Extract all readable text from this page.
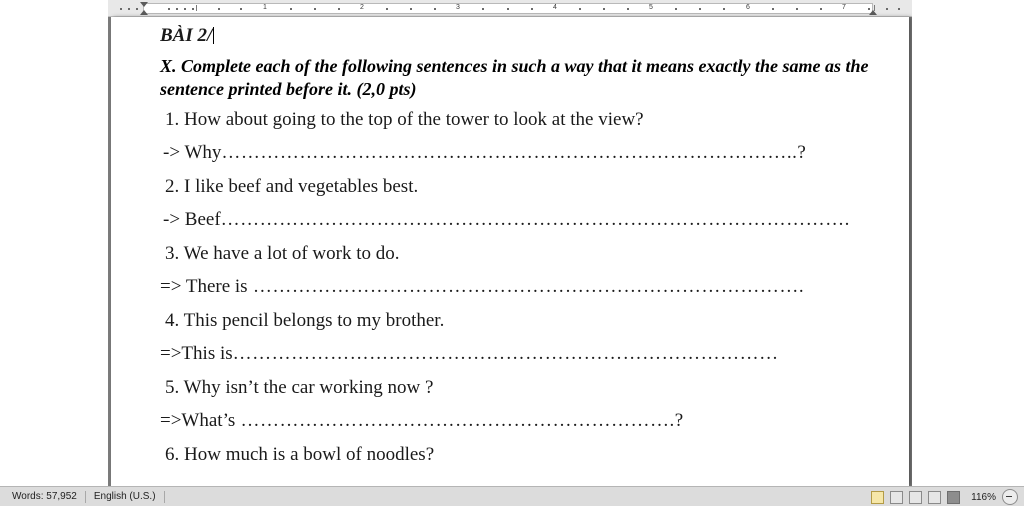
1	2	3	4	5	6	7
BÀI 2/
X. Complete each of the following sentences in such a way that it means exactly the same as the sentence printed before it. (2,0 pts)
1. How about going to the top of the tower to look at the view?
-> Why……………………………………………………………………………..?
2. I like beef and vegetables best.
-> Beef…………………………………………………………………………………….
3. We have a lot of work to do.
=> There is ………………………………………………………………………….
4. This pencil belongs to my brother.
=>This is…………………………………………………………………………
5. Why isn’t the car working now ?
=>What’s ………………………………………………………….?
6. How much is a bowl of noodles?
Words: 57,952	English (U.S.)	116%
